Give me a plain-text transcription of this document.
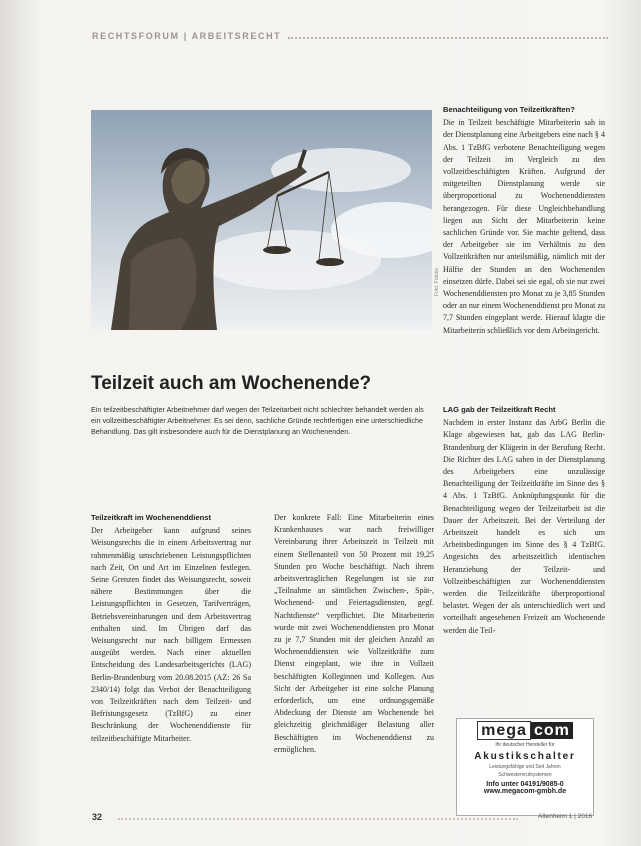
RECHTSFORUM | ARBEITSRECHT
Foto: Fotolia
Teilzeit auch am Wochenende?
Ein teilzeitbeschäftigter Arbeitnehmer darf wegen der Teilzeitarbeit nicht schlechter behandelt werden als ein vollzeitbeschäftigter Arbeitnehmer. Es sei denn, sachliche Gründe rechtfertigen eine unterschiedliche Behandlung. Das gilt insbesondere auch für die Dienstplanung an Wochenenden.
Teilzeitkraft im Wochenenddienst
Der Arbeitgeber kann aufgrund seines Weisungsrechts die in einem Arbeitsvertrag nur rahmenmäßig umschriebenen Leistungspflichten nach Zeit, Ort und Art im Einzelnen festlegen. Seine Grenzen findet das Weisungsrecht, soweit nähere Bestimmungen über die Leistungspflichten in Gesetzen, Tarifverträgen, Betriebsvereinbarungen und dem Arbeitsvertrag enthalten sind. Im Übrigen darf das Weisungsrecht nur nach billigem Ermessen ausgeübt werden. Nach einer aktuellen Entscheidung des Landesarbeitsgerichts (LAG) Berlin-Brandenburg vom 20.08.2015 (AZ: 26 Sa 2340/14) folgt das Verbot der Benachteiligung von Teilzeitkräften nach dem Teilzeit- und Befristungsgesetz (TzBfG) zu einer Beschränkung der Wochenenddienste für teilzeitbeschäftigte Mitarbeiter.
Der konkrete Fall: Eine Mitarbeiterin eines Krankenhauses war nach freiwilliger Vereinbarung ihrer Arbeitszeit in Teilzeit mit einem Stellenanteil von 50 Prozent mit 19,25 Stunden pro Woche beschäftigt. Nach ihrem arbeitsvertraglichen Regelungen ist sie zur „Teilnahme an sämtlichen Zwischen-, Spät-, Wochenend- und Feiertagsdiensten, gegf. Nachtdienste“ verpflichtet. Die Mitarbeiterin wurde mit zwei Wochenenddiensten pro Monat zu je 7,7 Stunden mit der gleichen Anzahl an Wochenenddiensten wie Vollzeitkräfte zum Dienst eingeplant, wie ihre in Vollzeit beschäftigten Kolleginnen und Kollegen. Aus Sicht der Arbeitgeber ist eine solche Planung erforderlich, um eine ordnungsgemäße Abdeckung der Dienste am Wochenende bei gleichzeitig gleichmäßiger Belastung aller Beschäftigten im Wochenenddienst zu ermöglichen.
Benachteiligung von Teilzeitkräften?
Die in Teilzeit beschäftigte Mitarbeiterin sah in der Dienstplanung eine Arbeitgebers eine nach § 4 Abs. 1 TzBfG verbotene Benachteiligung wegen der Teilzeit im Vergleich zu den vollzeitbeschäftigten Kräften. Aufgrund der mitgeteilten Dienstplanung werde sie überproportional zu Wochenenddiensten herangezogen. Für diese Ungleichbehandlung liegen aus Sicht der Mitarbeiterin keine sachlichen Gründe vor. Sie machte geltend, dass der Arbeitgeber sie im Verhältnis zu den Vollzeitkräften nur anteilsmäßig, nämlich mit der Hälfte der Stunden an den Wochenenden einsetzen dürfe. Dabei sei sie egal, ob sie nur zwei Wochenenddiensten pro Monat zu je 3,85 Stunden oder an nur einem Wochenenddienst pro Monat zu 7,7 Stunden eingeplant werde. Hierauf klagte die Mitarbeiterin schließlich vor dem Arbeitsgericht.
LAG gab der Teilzeitkraft Recht
Nachdem in erster Instanz das ArbG Berlin die Klage abgewiesen hat, gab das LAG Berlin-Brandenburg der Klägerin in der Berufung Recht. Die Richter des LAG sahen in der Dienstplanung des Arbeitgebers eine unzulässige Benachteiligung der Teilzeitkräfte im Sinne des § 4 Abs. 1 TzBfG. Anknüpfungspunkt für die Benachteiligung wegen der Teilzeitarbeit ist die Dauer der Arbeitszeit. Bei der Verteilung der Arbeitszeit handelt es sich um Arbeitsbedingungen im Sinne des § 4 TzBfG. Angesichts des arbeitszeitlich identischen Heranziehung der Teilzeit- und Vollzeitbeschäftigten zur Wochenenddiensten werden die Teilzeitkräfte überproportional belastet. Wegen der als unterschiedlich wert und vorteilhaft angesehenen Freizeit am Wochenende werden die Teil-
mega com
Ihr deutscher Hersteller für
Akustikschalter
Leistungsfähige und Seit Jahren
Schwesternrufsystemen
Info unter 04191/9085-0
www.megacom-gmbh.de
32	Altenheim 1 | 2016
